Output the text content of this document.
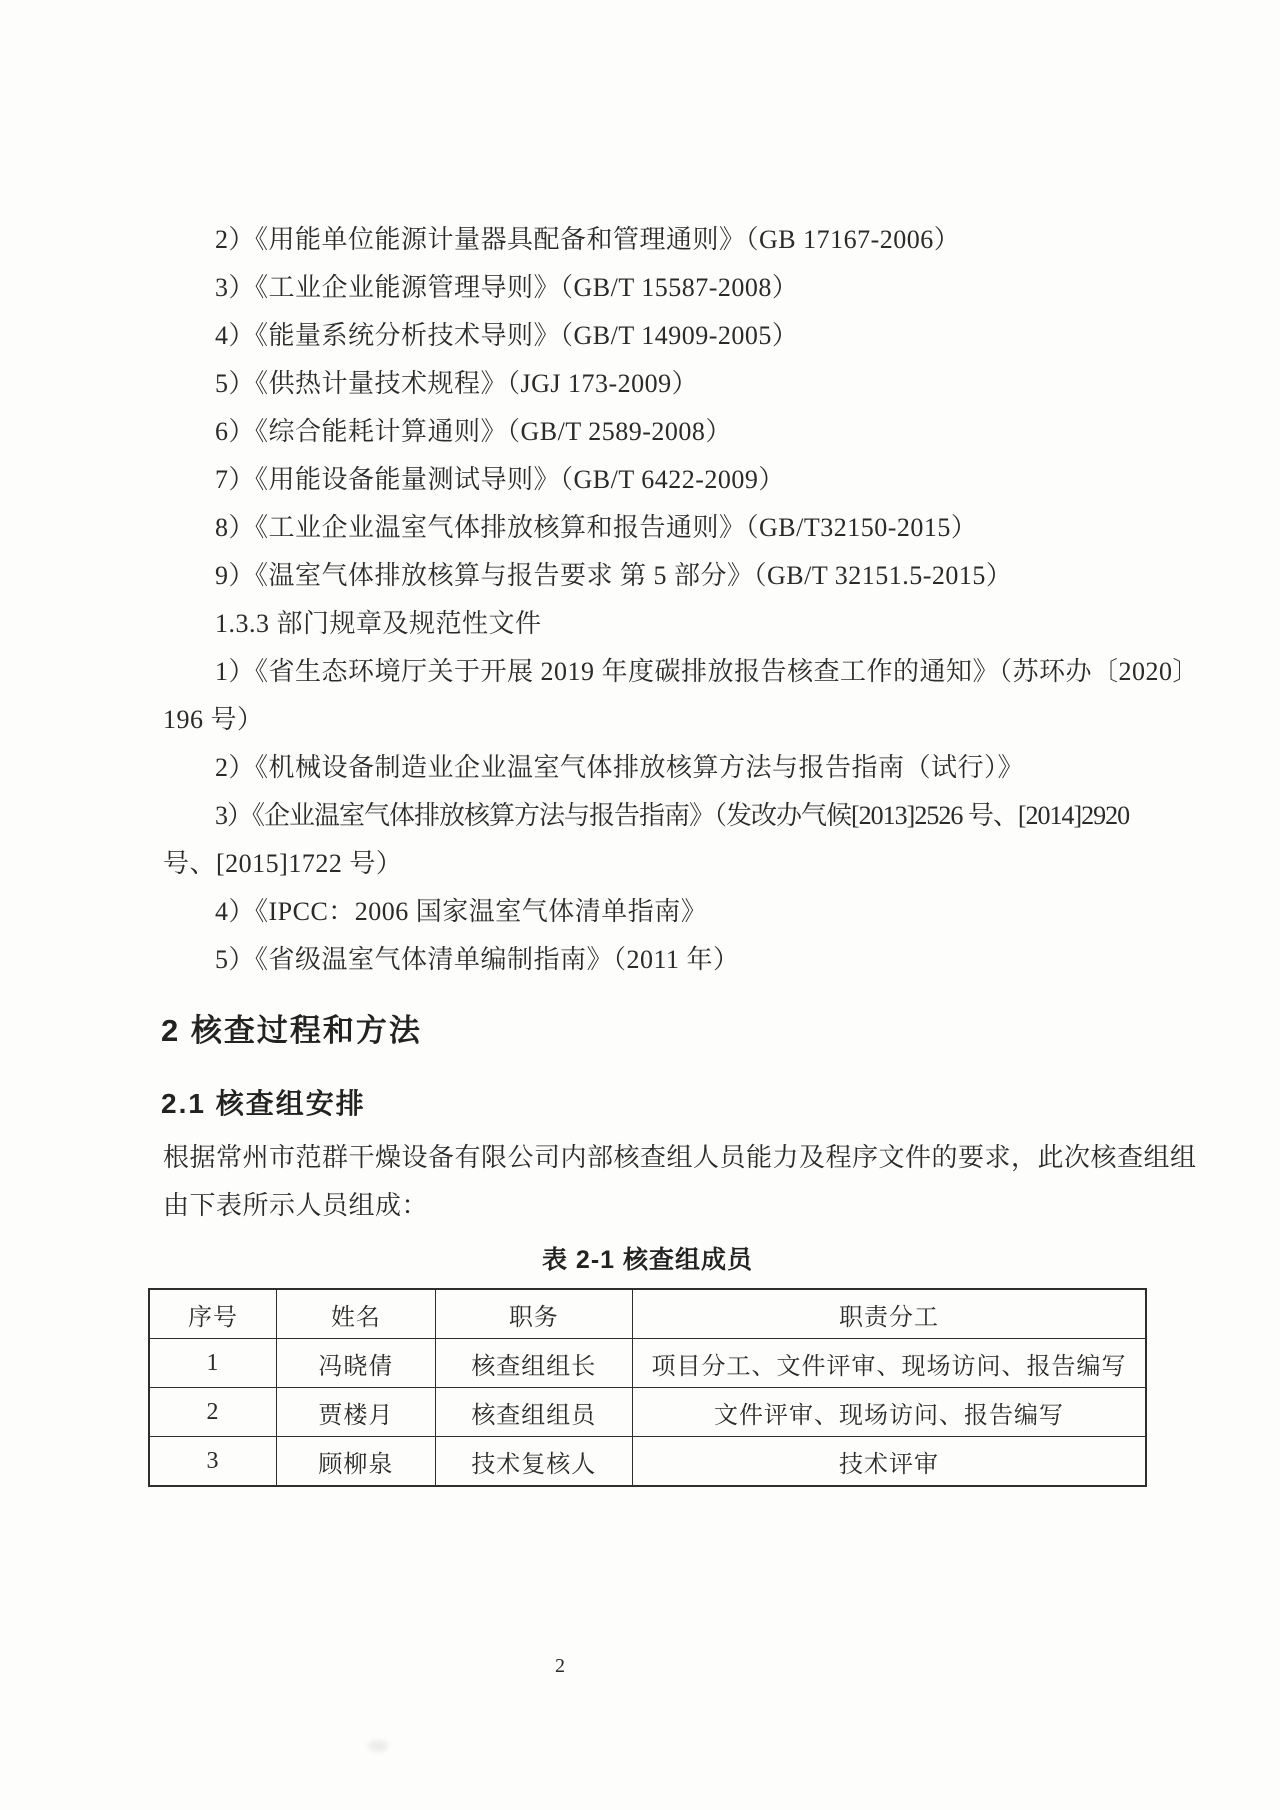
2）《用能单位能源计量器具配备和管理通则》（GB 17167-2006）
3）《工业企业能源管理导则》（GB/T 15587-2008）
4）《能量系统分析技术导则》（GB/T 14909-2005）
5）《供热计量技术规程》（JGJ 173-2009）
6）《综合能耗计算通则》（GB/T 2589-2008）
7）《用能设备能量测试导则》（GB/T 6422-2009）
8）《工业企业温室气体排放核算和报告通则》（GB/T32150-2015）
9）《温室气体排放核算与报告要求 第 5 部分》（GB/T 32151.5-2015）
1.3.3 部门规章及规范性文件
1）《省生态环境厅关于开展 2019 年度碳排放报告核查工作的通知》（苏环办〔2020〕
196 号）
2）《机械设备制造业企业温室气体排放核算方法与报告指南（试行）》
3）《企业温室气体排放核算方法与报告指南》（发改办气候[2013]2526 号、[2014]2920
号、[2015]1722 号）
4）《IPCC：2006 国家温室气体清单指南》
5）《省级温室气体清单编制指南》（2011 年）
2 核查过程和方法
2.1 核查组安排
根据常州市范群干燥设备有限公司内部核查组人员能力及程序文件的要求，此次核查组组
由下表所示人员组成：
表 2-1 核查组成员
序号	姓名	职务	职责分工
1	冯晓倩	核查组组长	项目分工、文件评审、现场访问、报告编写
2	贾楼月	核查组组员	文件评审、现场访问、报告编写
3	顾柳泉	技术复核人	技术评审
2
